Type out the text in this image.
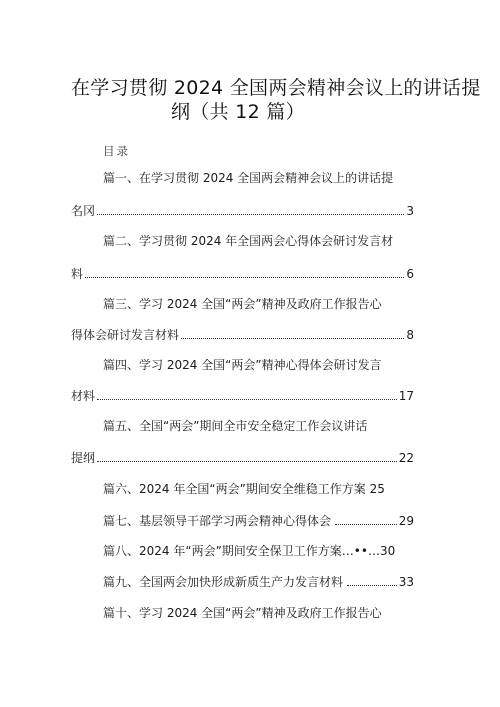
在学习贯彻 2024 全国两会精神会议上的讲话提
纲（共 12 篇）
目录
篇一、在学习贯彻 2024 全国两会精神会议上的讲话提
名冈	3
篇二、学习贯彻 2024 年全国两会心得体会研讨发言材
料	6
篇三、学习 2024 全国“两会”精神及政府工作报告心
得体会研讨发言材料	8
篇四、学习 2024 全国“两会”精神心得体会研讨发言
材料	17
篇五、全国“两会”期间全市安全稳定工作会议讲话
提纲	22
篇六、2024 年全国“两会”期间安全维稳工作方案 25
篇七、基层领导干部学习两会精神心得体会	29
篇八、2024 年“两会”期间安全保卫工作方案…••…30
篇九、全国两会加快形成新质生产力发言材料	33
篇十、学习 2024 全国“两会”精神及政府工作报告心
